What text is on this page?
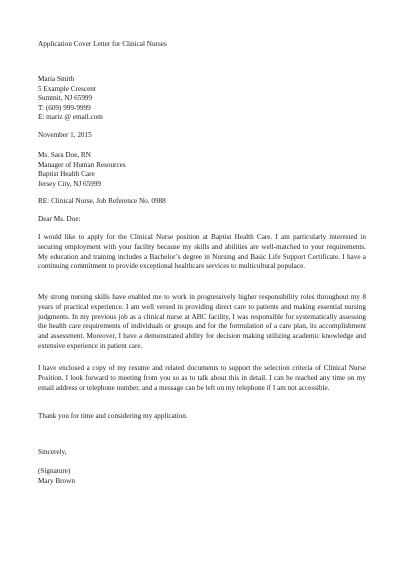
Application Cover Letter for Clinical Nurses

Maria Smith

5 Example Crescent

Summit, NJ 65999

T: (609) 999-9999

E: mariz @ email.com

November 1, 2015

Ms. Sara Doe, RN

Manager of Human Resources

Baptist Health Care

Jersey City, NJ 65999

RE: Clinical Nurse, Job Reference No. 0988

Dear Ms. Doe:

I would like to apply for the Clinical Nurse position at Baptist Health Care. I am particularly interested in securing employment with your facility because my skills and abilities are well-matched to your requirements. My education and training includes a Bachelor’s degree in Nursing and Basic Life Support Certificate. I have a continuing commitment to provide exceptional healthcare services to multicultural populace.

My strong nursing skills have enabled me to work in progressively higher responsibility roles throughout my 8 years of practical experience. I am well versed in providing direct care to patients and making essential nursing judgments. In my previous job as a clinical nurse at ABC facility, I was responsible for systematically assessing the health care requirements of individuals or groups and for the formulation of a care plan, its accomplishment and assessment. Moreover, I have a demonstrated ability for decision making utilizing academic knowledge and extensive experience in patient care.

I have enclosed a copy of my resume and related documents to support the selection criteria of Clinical Nurse Position. I look forward to meeting from you so as to talk about this in detail. I can be reached any time on my email address or telephone number, and a message can be left on my telephone if I am not accessible.

Thank you for time and considering my application.

Sincerely,

(Signature)

Mary Brown
